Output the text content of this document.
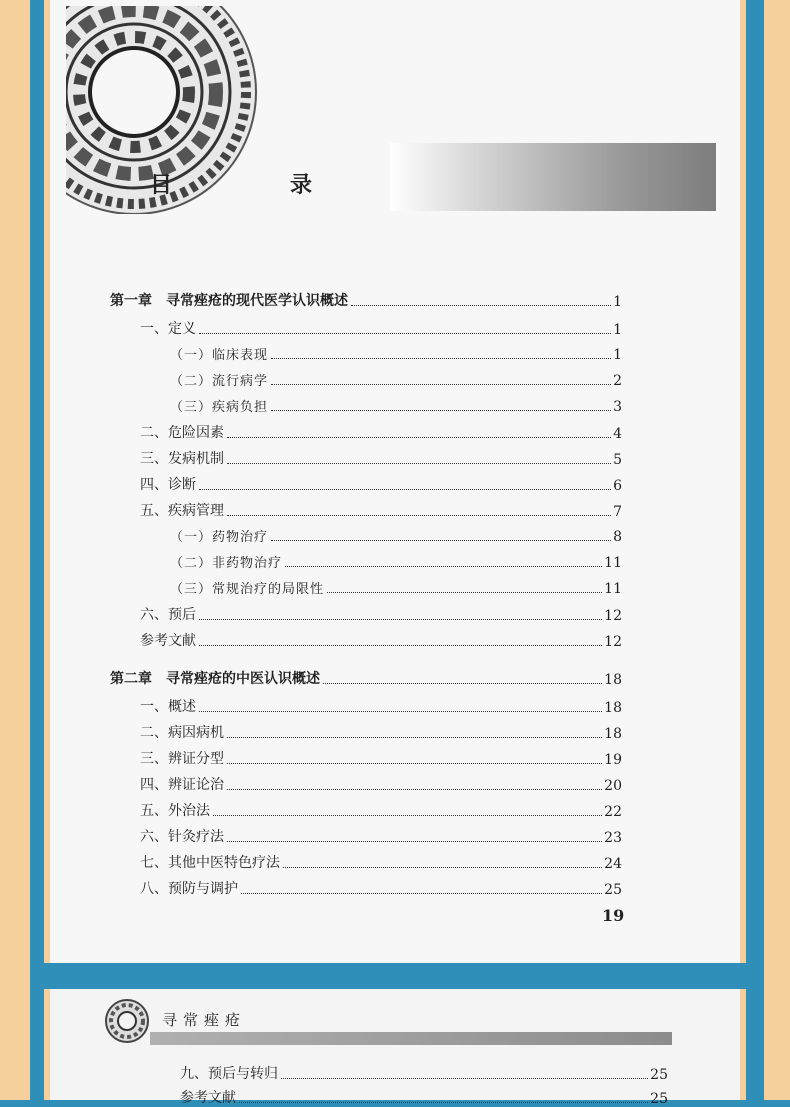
目　录
第一章　寻常痤疮的现代医学认识概述	1
一、定义	1
（一）临床表现	1
（二）流行病学	2
（三）疾病负担	3
二、危险因素	4
三、发病机制	5
四、诊断	6
五、疾病管理	7
（一）药物治疗	8
（二）非药物治疗	11
（三）常规治疗的局限性	11
六、预后	12
参考文献	12
第二章　寻常痤疮的中医认识概述	18
一、概述	18
二、病因病机	18
三、辨证分型	19
四、辨证论治	20
五、外治法	22
六、针灸疗法	23
七、其他中医特色疗法	24
八、预防与调护	25
19
寻常痤疮
九、预后与转归	25
参考文献	25
